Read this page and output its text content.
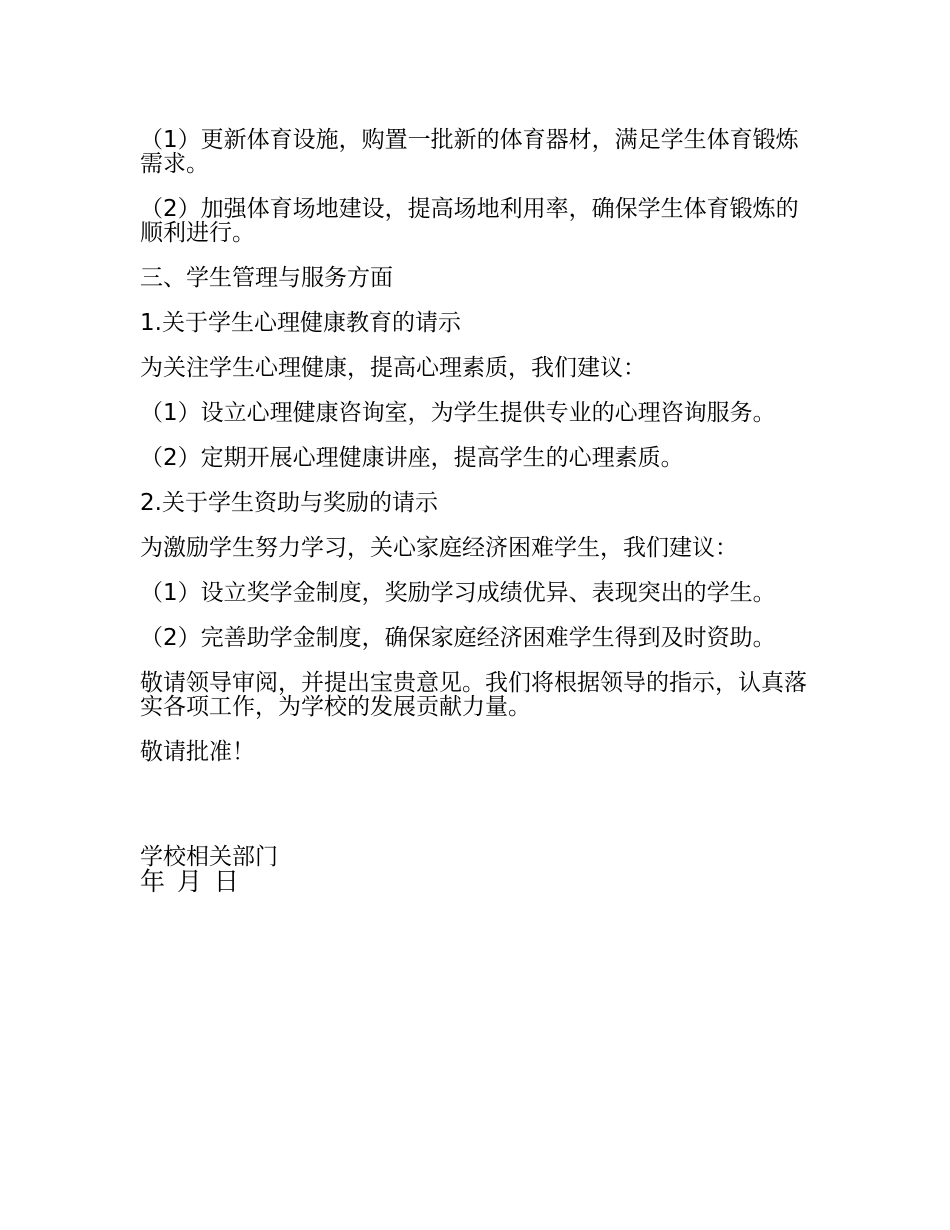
（1）更新体育设施，购置一批新的体育器材，满足学生体育锻炼需求。

（2）加强体育场地建设，提高场地利用率，确保学生体育锻炼的顺利进行。

三、学生管理与服务方面

1.关于学生心理健康教育的请示

为关注学生心理健康，提高心理素质，我们建议：

（1）设立心理健康咨询室，为学生提供专业的心理咨询服务。

（2）定期开展心理健康讲座，提高学生的心理素质。

2.关于学生资助与奖励的请示

为激励学生努力学习，关心家庭经济困难学生，我们建议：

（1）设立奖学金制度，奖励学习成绩优异、表现突出的学生。

（2）完善助学金制度，确保家庭经济困难学生得到及时资助。

敬请领导审阅，并提出宝贵意见。我们将根据领导的指示，认真落实各项工作，为学校的发展贡献力量。

敬请批准！

学校相关部门
年 月 日
